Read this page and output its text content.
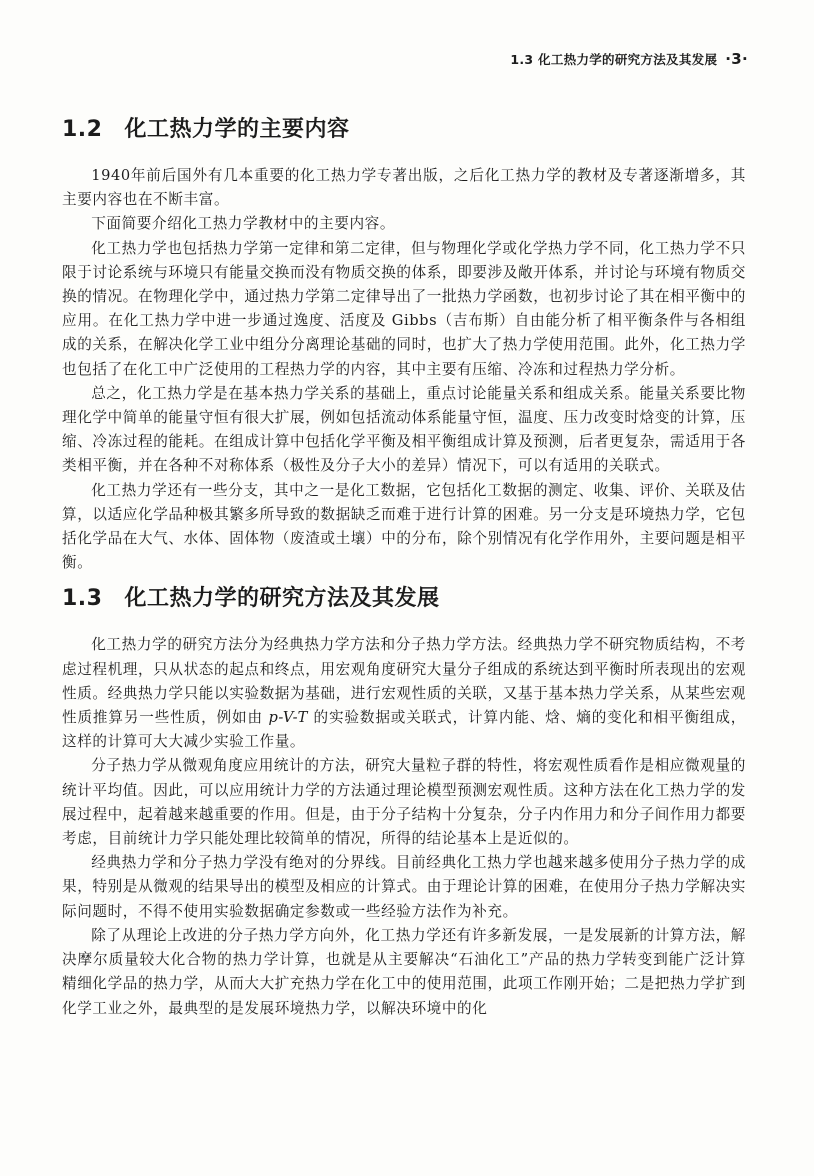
1.3 化工热力学的研究方法及其发展 ·3·
1.2 化工热力学的主要内容

1940年前后国外有几本重要的化工热力学专著出版，之后化工热力学的教材及专著逐渐增多，其主要内容也在不断丰富。

下面简要介绍化工热力学教材中的主要内容。

化工热力学也包括热力学第一定律和第二定律，但与物理化学或化学热力学不同，化工热力学不只限于讨论系统与环境只有能量交换而没有物质交换的体系，即要涉及敞开体系，并讨论与环境有物质交换的情况。在物理化学中，通过热力学第二定律导出了一批热力学函数，也初步讨论了其在相平衡中的应用。在化工热力学中进一步通过逸度、活度及 Gibbs（吉布斯）自由能分析了相平衡条件与各相组成的关系，在解决化学工业中组分分离理论基础的同时，也扩大了热力学使用范围。此外，化工热力学也包括了在化工中广泛使用的工程热力学的内容，其中主要有压缩、冷冻和过程热力学分析。

总之，化工热力学是在基本热力学关系的基础上，重点讨论能量关系和组成关系。能量关系要比物理化学中简单的能量守恒有很大扩展，例如包括流动体系能量守恒，温度、压力改变时焓变的计算，压缩、冷冻过程的能耗。在组成计算中包括化学平衡及相平衡组成计算及预测，后者更复杂，需适用于各类相平衡，并在各种不对称体系（极性及分子大小的差异）情况下，可以有适用的关联式。

化工热力学还有一些分支，其中之一是化工数据，它包括化工数据的测定、收集、评价、关联及估算，以适应化学品种极其繁多所导致的数据缺乏而难于进行计算的困难。另一分支是环境热力学，它包括化学品在大气、水体、固体物（废渣或土壤）中的分布，除个别情况有化学作用外，主要问题是相平衡。

1.3 化工热力学的研究方法及其发展

化工热力学的研究方法分为经典热力学方法和分子热力学方法。经典热力学不研究物质结构，不考虑过程机理，只从状态的起点和终点，用宏观角度研究大量分子组成的系统达到平衡时所表现出的宏观性质。经典热力学只能以实验数据为基础，进行宏观性质的关联，又基于基本热力学关系，从某些宏观性质推算另一些性质，例如由 p-V-T 的实验数据或关联式，计算内能、焓、熵的变化和相平衡组成，这样的计算可大大减少实验工作量。

分子热力学从微观角度应用统计的方法，研究大量粒子群的特性，将宏观性质看作是相应微观量的统计平均值。因此，可以应用统计力学的方法通过理论模型预测宏观性质。这种方法在化工热力学的发展过程中，起着越来越重要的作用。但是，由于分子结构十分复杂，分子内作用力和分子间作用力都要考虑，目前统计力学只能处理比较简单的情况，所得的结论基本上是近似的。

经典热力学和分子热力学没有绝对的分界线。目前经典化工热力学也越来越多使用分子热力学的成果，特别是从微观的结果导出的模型及相应的计算式。由于理论计算的困难，在使用分子热力学解决实际问题时，不得不使用实验数据确定参数或一些经验方法作为补充。

除了从理论上改进的分子热力学方向外，化工热力学还有许多新发展，一是发展新的计算方法，解决摩尔质量较大化合物的热力学计算，也就是从主要解决“石油化工”产品的热力学转变到能广泛计算精细化学品的热力学，从而大大扩充热力学在化工中的使用范围，此项工作刚开始；二是把热力学扩到化学工业之外，最典型的是发展环境热力学，以解决环境中的化
